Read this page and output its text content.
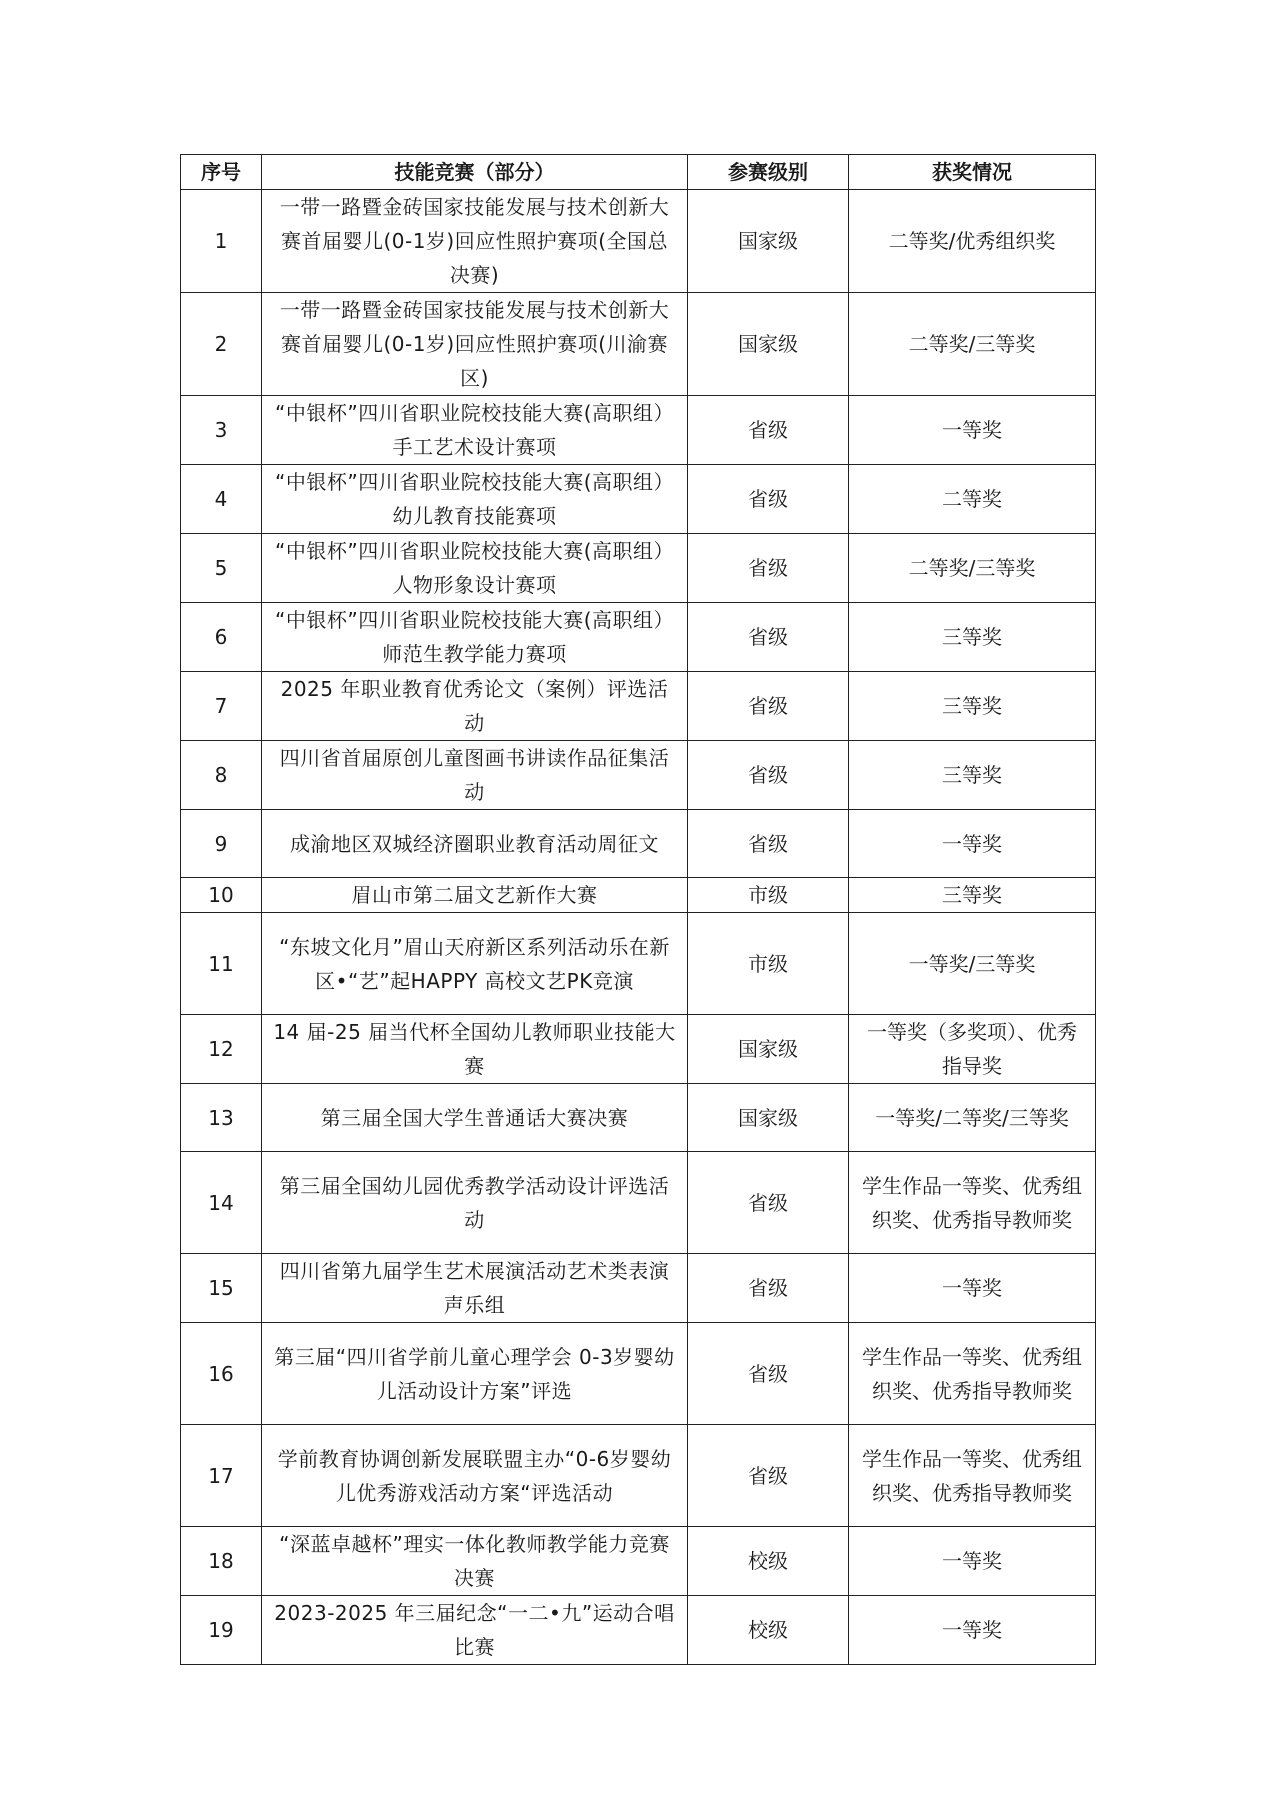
序号	技能竞赛（部分）	参赛级别	获奖情况
1	一带一路暨金砖国家技能发展与技术创新大赛首届婴儿(0-1岁)回应性照护赛项(全国总决赛)	国家级	二等奖/优秀组织奖
2	一带一路暨金砖国家技能发展与技术创新大赛首届婴儿(0-1岁)回应性照护赛项(川渝赛区)	国家级	二等奖/三等奖
3	“中银杯”四川省职业院校技能大赛(高职组）手工艺术设计赛项	省级	一等奖
4	“中银杯”四川省职业院校技能大赛(高职组）幼儿教育技能赛项	省级	二等奖
5	“中银杯”四川省职业院校技能大赛(高职组）人物形象设计赛项	省级	二等奖/三等奖
6	“中银杯”四川省职业院校技能大赛(高职组）师范生教学能力赛项	省级	三等奖
7	2025 年职业教育优秀论文（案例）评选活动	省级	三等奖
8	四川省首届原创儿童图画书讲读作品征集活动	省级	三等奖
9	成渝地区双城经济圈职业教育活动周征文	省级	一等奖
10	眉山市第二届文艺新作大赛	市级	三等奖
11	“东坡文化月”眉山天府新区系列活动乐在新区•“艺”起HAPPY 高校文艺PK竞演	市级	一等奖/三等奖
12	14 届-25 届当代杯全国幼儿教师职业技能大赛	国家级	一等奖（多奖项）、优秀指导奖
13	第三届全国大学生普通话大赛决赛	国家级	一等奖/二等奖/三等奖
14	第三届全国幼儿园优秀教学活动设计评选活动	省级	学生作品一等奖、优秀组织奖、优秀指导教师奖
15	四川省第九届学生艺术展演活动艺术类表演声乐组	省级	一等奖
16	第三届“四川省学前儿童心理学会 0-3岁婴幼儿活动设计方案”评选	省级	学生作品一等奖、优秀组织奖、优秀指导教师奖
17	学前教育协调创新发展联盟主办“0-6岁婴幼儿优秀游戏活动方案“评选活动	省级	学生作品一等奖、优秀组织奖、优秀指导教师奖
18	“深蓝卓越杯”理实一体化教师教学能力竞赛决赛	校级	一等奖
19	2023-2025 年三届纪念“一二•九”运动合唱比赛	校级	一等奖
